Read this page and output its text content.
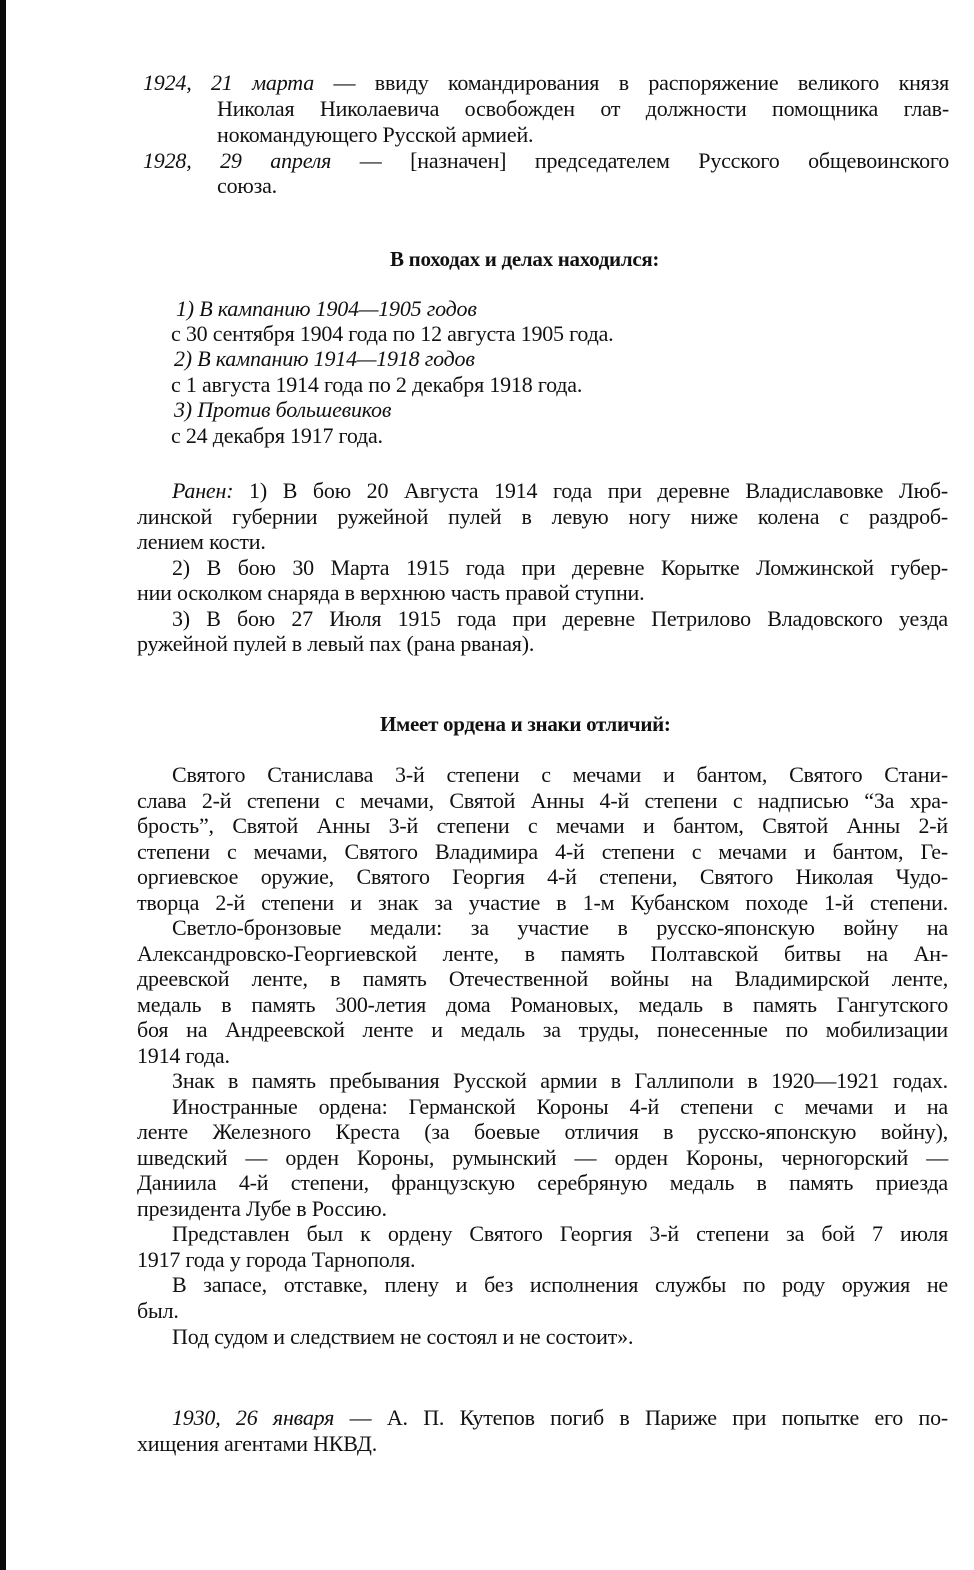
1924, 21 марта — ввиду командирования в распоряжение великого князя
Николая Николаевича освобожден от должности помощника глав-
нокомандующего Русской армией.
1928, 29 апреля — [назначен] председателем Русского общевоинского
союза.
В походах и делах находился:
1) В кампанию 1904—1905 годов
с 30 сентября 1904 года по 12 августа 1905 года.
2) В кампанию 1914—1918 годов
с 1 августа 1914 года по 2 декабря 1918 года.
3) Против большевиков
с 24 декабря 1917 года.
Ранен: 1) В бою 20 Августа 1914 года при деревне Владиславовке Люб-
линской губернии ружейной пулей в левую ногу ниже колена с раздроб-
лением кости.
2) В бою 30 Марта 1915 года при деревне Корытке Ломжинской губер-
нии осколком снаряда в верхнюю часть правой ступни.
3) В бою 27 Июля 1915 года при деревне Петрилово Владовского уезда
ружейной пулей в левый пах (рана рваная).
Имеет ордена и знаки отличий:
Святого Станислава 3-й степени с мечами и бантом, Святого Стани-
слава 2-й степени с мечами, Святой Анны 4-й степени с надписью “За хра-
брость”, Святой Анны 3-й степени с мечами и бантом, Святой Анны 2-й
степени с мечами, Святого Владимира 4-й степени с мечами и бантом, Ге-
оргиевское оружие, Святого Георгия 4-й степени, Святого Николая Чудо-
творца 2-й степени и знак за участие в 1-м Кубанском походе 1-й степени.
Светло-бронзовые медали: за участие в русско-японскую войну на
Александровско-Георгиевской ленте, в память Полтавской битвы на Ан-
дреевской ленте, в память Отечественной войны на Владимирской ленте,
медаль в память 300-летия дома Романовых, медаль в память Гангутского
боя на Андреевской ленте и медаль за труды, понесенные по мобилизации
1914 года.
Знак в память пребывания Русской армии в Галлиполи в 1920—1921 годах.
Иностранные ордена: Германской Короны 4-й степени с мечами и на
ленте Железного Креста (за боевые отличия в русско-японскую войну),
шведский — орден Короны, румынский — орден Короны, черногорский —
Даниила 4-й степени, французскую серебряную медаль в память приезда
президента Лубе в Россию.
Представлен был к ордену Святого Георгия 3-й степени за бой 7 июля
1917 года у города Тарнополя.
В запасе, отставке, плену и без исполнения службы по роду оружия не
был.
Под судом и следствием не состоял и не состоит».
1930, 26 января — А. П. Кутепов погиб в Париже при попытке его по-
хищения агентами НКВД.
